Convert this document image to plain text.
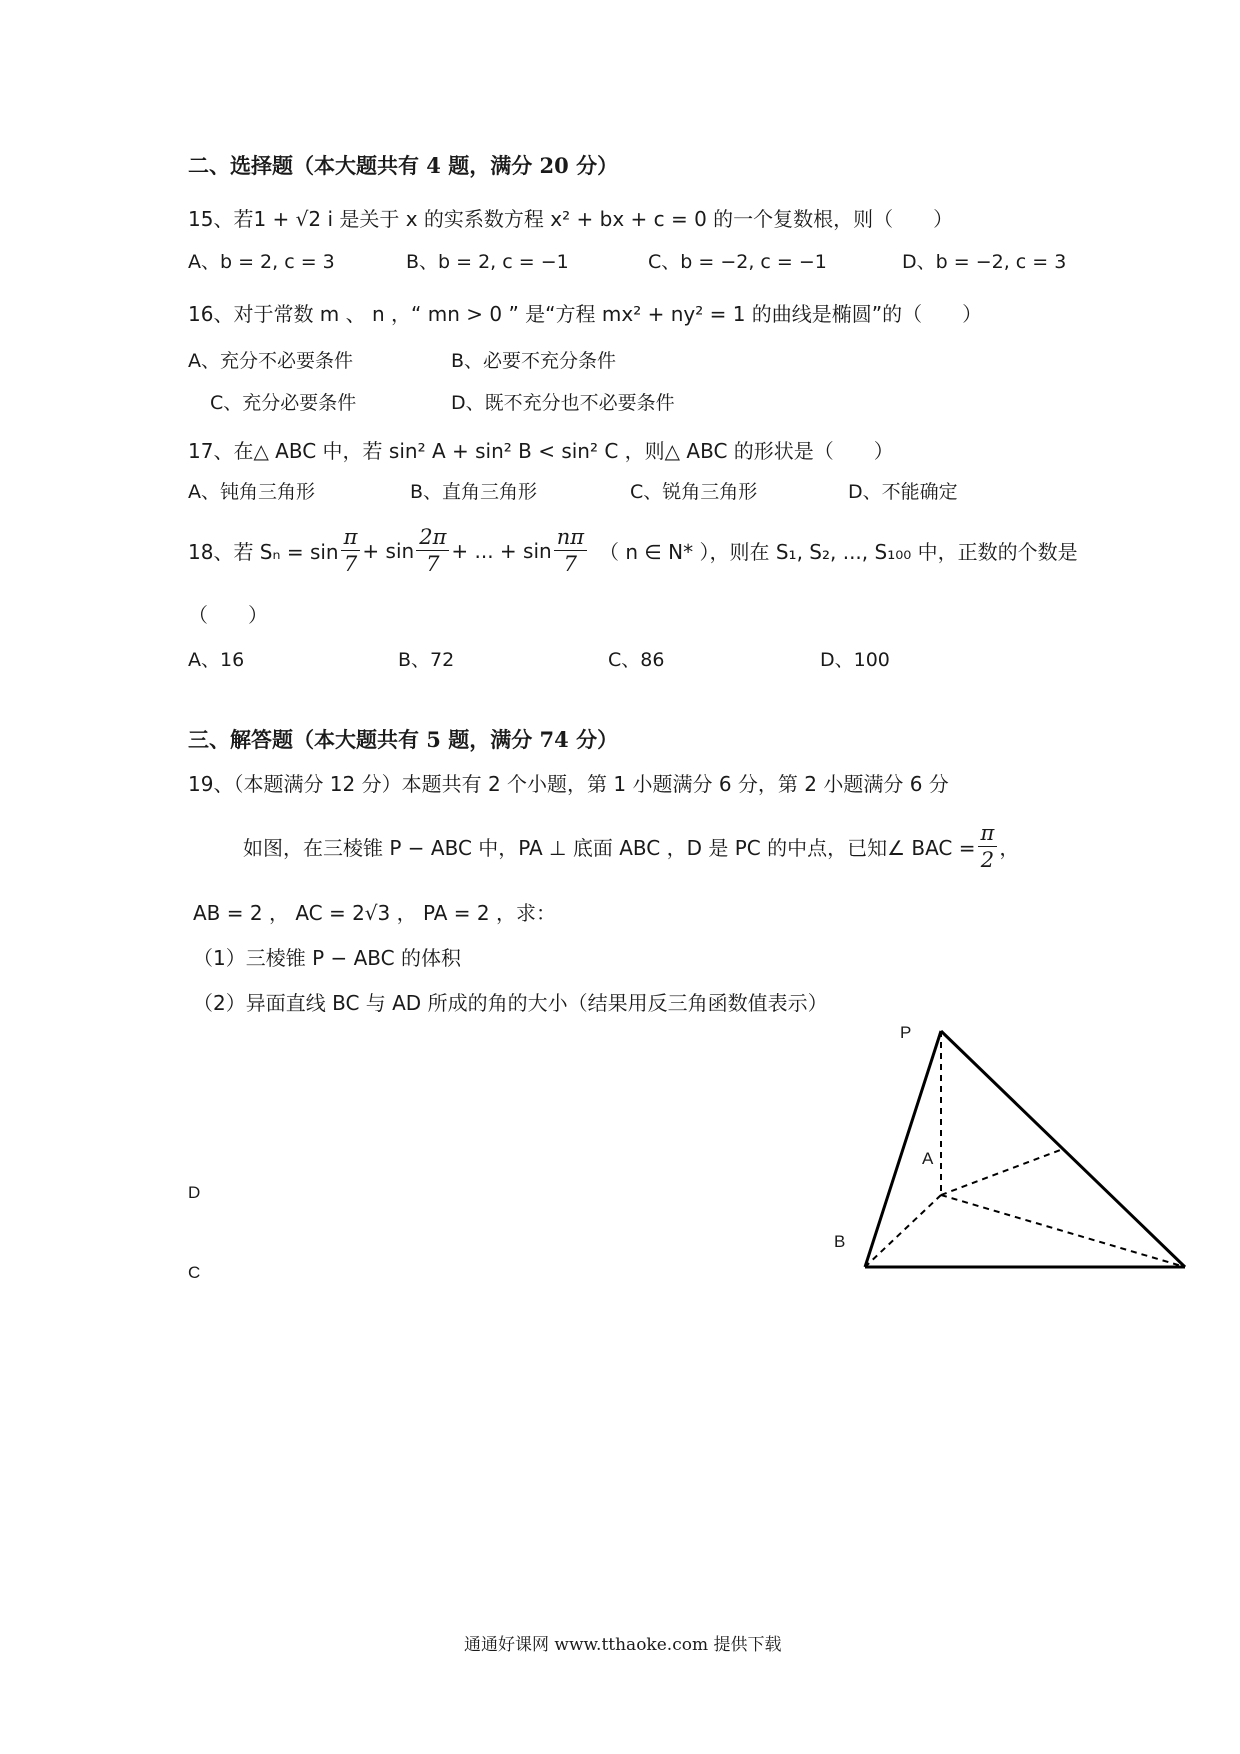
二、选择题（本大题共有 4 题，满分 20 分）
15、若1 + √2 i 是关于 x 的实系数方程 x² + bx + c = 0 的一个复数根，则（　　）
A、b = 2, c = 3	B、b = 2, c = −1	C、b = −2, c = −1	D、b = −2, c = 3
16、对于常数 m 、 n ，“ mn > 0 ” 是“方程 mx² + ny² = 1 的曲线是椭圆”的（　　）
A、充分不必要条件	B、必要不充分条件
C、充分必要条件	D、既不充分也不必要条件
17、在△ ABC 中，若 sin² A + sin² B < sin² C ，则△ ABC 的形状是（　　）
A、钝角三角形	B、直角三角形	C、锐角三角形	D、不能确定
18、若 $S_n = \sin \frac{\pi}{7} + \sin \frac{2\pi}{7}$ + ... + $\sin \frac{n\pi}{7}$ （ n ∈ N* ），则在 S₁, S₂, ..., S₁₀₀ 中，正数的个数是
（　　）
A、16	B、72	C、86	D、100
三、解答题（本大题共有 5 题，满分 74 分）
19、（本题满分 12 分）本题共有 2 个小题，第 1 小题满分 6 分，第 2 小题满分 6 分
如图，在三棱锥 P − ABC 中，PA ⊥ 底面 ABC ，D 是 PC 的中点，已知∠ BAC = $\frac{\pi}{2}$ ，
AB = 2 ， AC = 2√3 ， PA = 2 ，求：
（1）三棱锥 P − ABC 的体积
（2）异面直线 BC 与 AD 所成的角的大小（结果用反三角函数值表示）
P
A
B
D
C
通通好课网 www.tthaoke.com 提供下载
